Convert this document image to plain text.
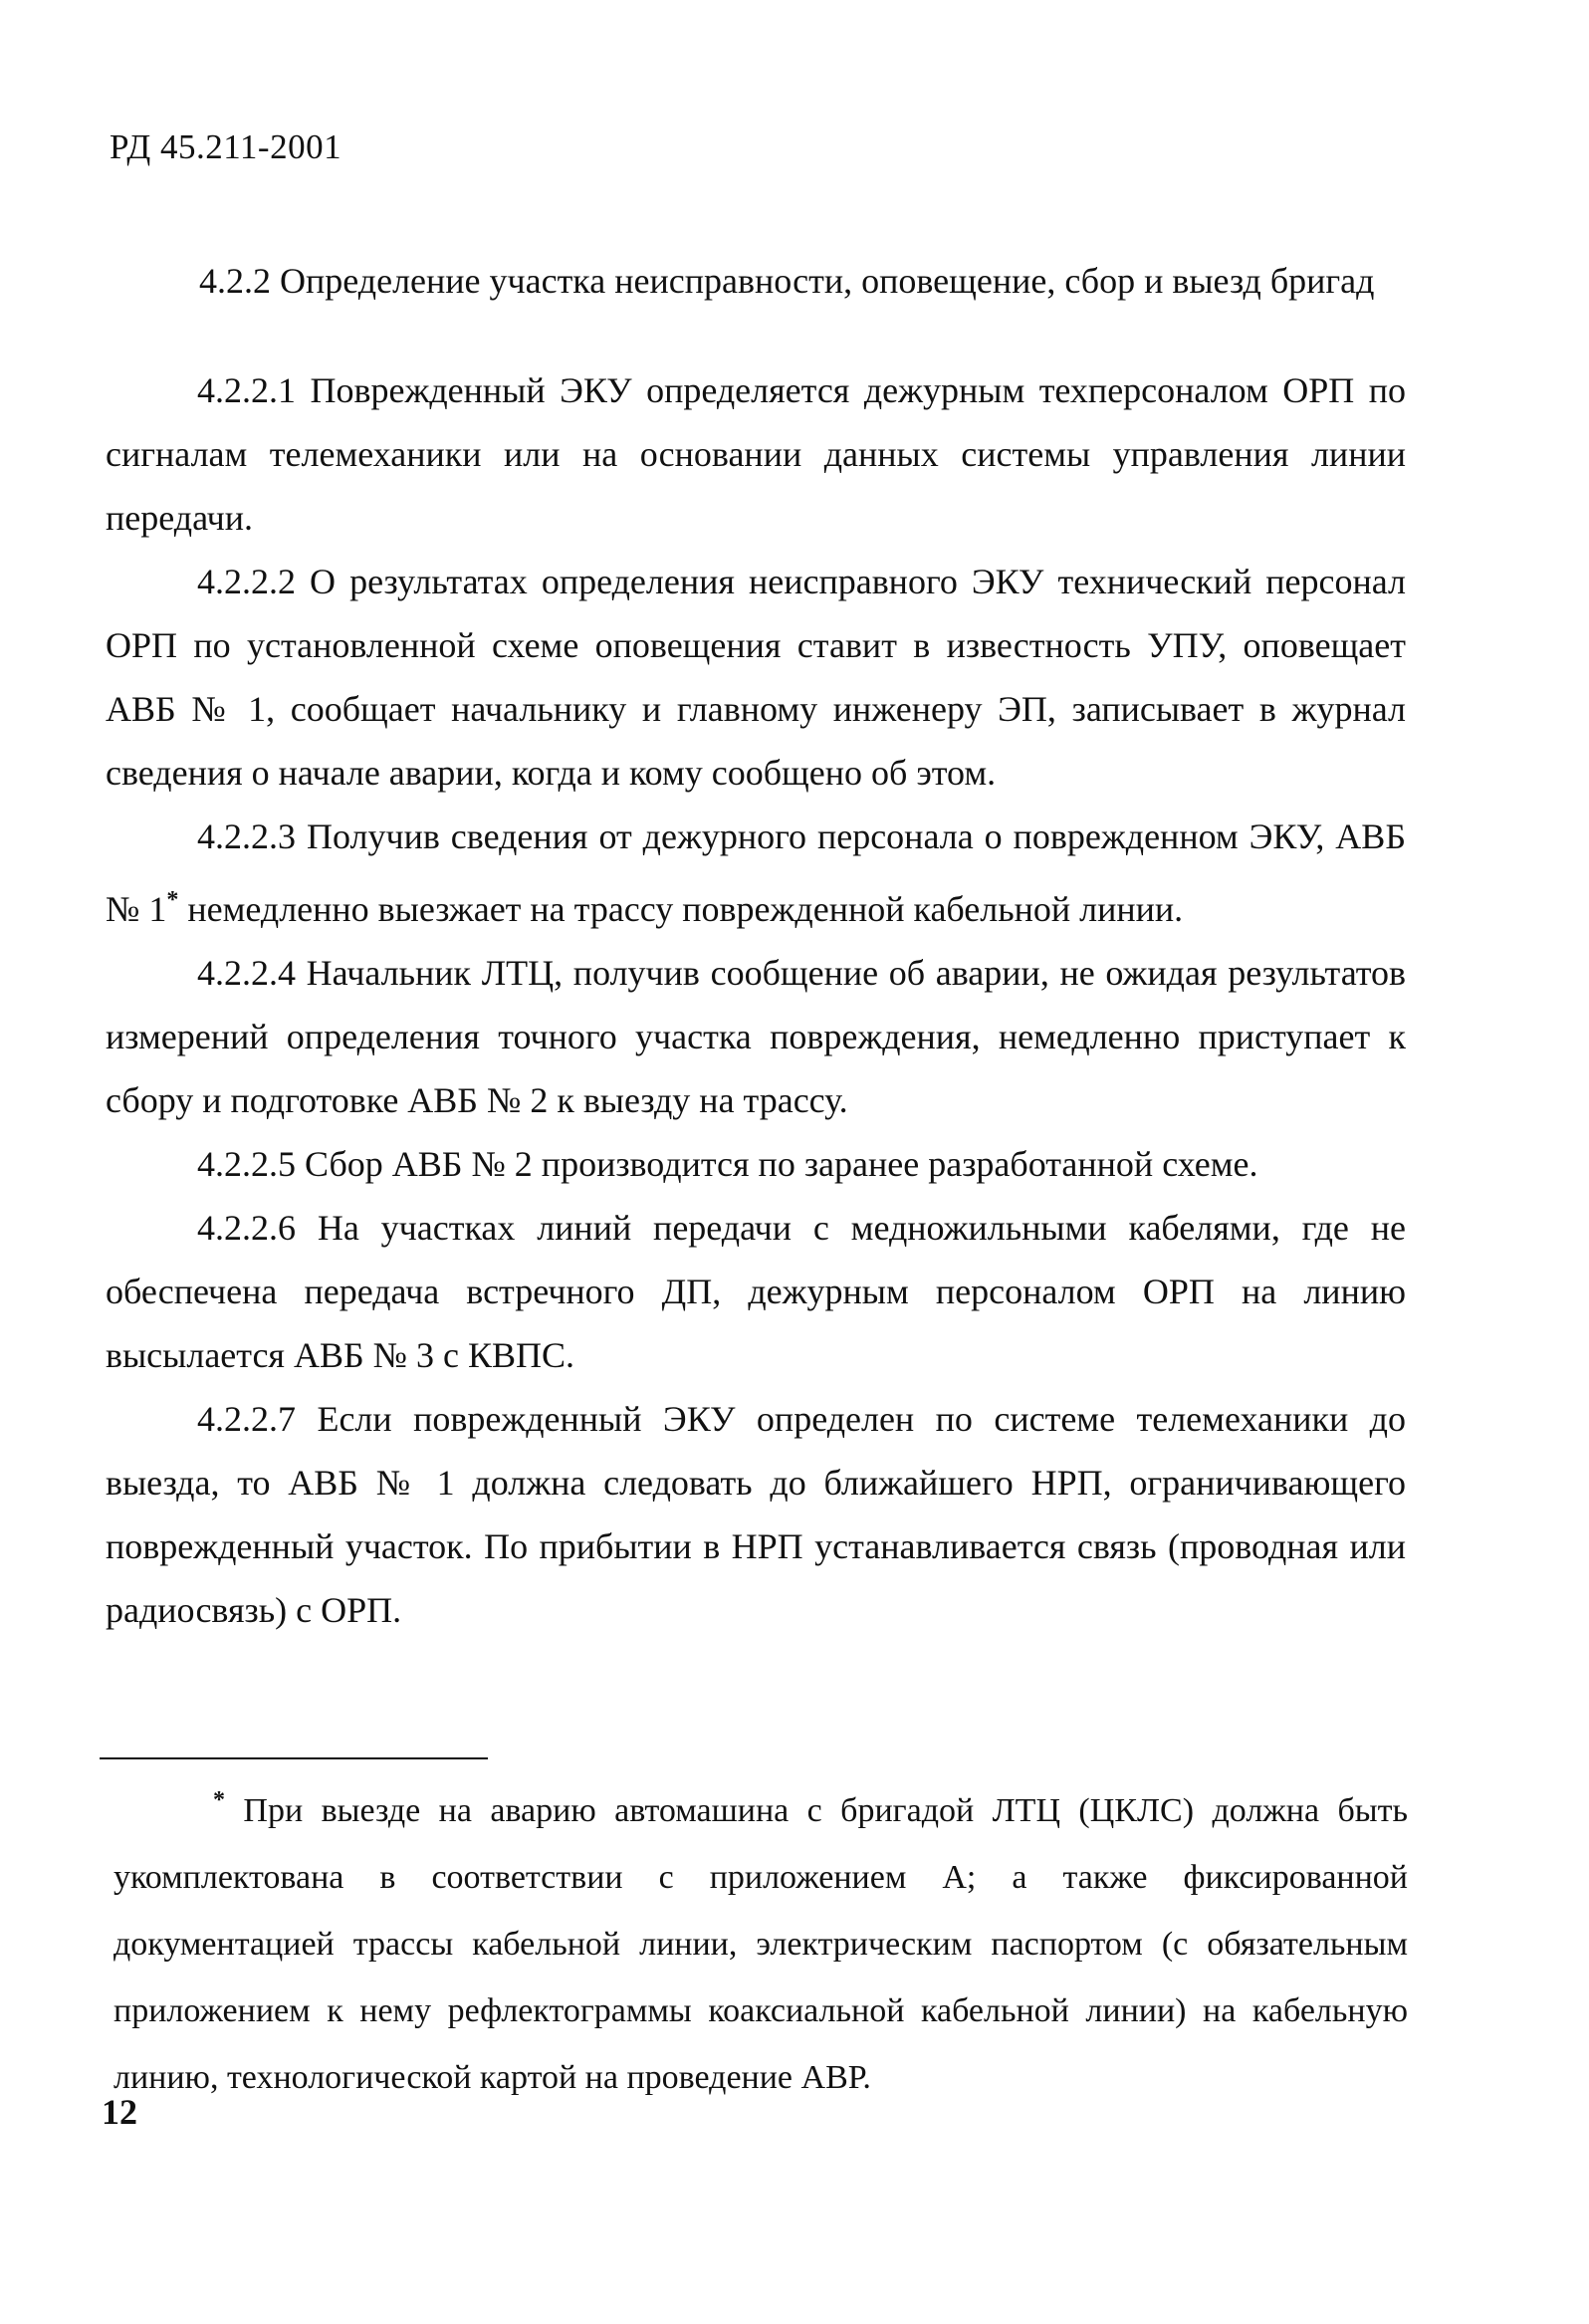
РД 45.211-2001
4.2.2 Определение участка неисправности, оповещение, сбор и выезд бригад

4.2.2.1 Поврежденный ЭКУ определяется дежурным техперсоналом ОРП по сигналам телемеханики или на основании данных системы управления линии передачи.

4.2.2.2 О результатах определения неисправного ЭКУ технический персонал ОРП по установленной схеме оповещения ставит в известность УПУ, оповещает АВБ № 1, сообщает начальнику и главному инженеру ЭП, записывает в журнал сведения о начале аварии, когда и кому сообщено об этом.

4.2.2.3 Получив сведения от дежурного персонала о поврежденном ЭКУ, АВБ № 1* немедленно выезжает на трассу поврежденной кабельной линии.

4.2.2.4 Начальник ЛТЦ, получив сообщение об аварии, не ожидая результатов измерений определения точного участка повреждения, немедленно приступает к сбору и подготовке АВБ № 2 к выезду на трассу.

4.2.2.5 Сбор АВБ № 2 производится по заранее разработанной схеме.

4.2.2.6 На участках линий передачи с медножильными кабелями, где не обеспечена передача встречного ДП, дежурным персоналом ОРП на линию высылается АВБ № 3 с КВПС.

4.2.2.7 Если поврежденный ЭКУ определен по системе телемеханики до выезда, то АВБ № 1 должна следовать до ближайшего НРП, ограничивающего поврежденный участок. По прибытии в НРП устанавливается связь (проводная или радиосвязь) с ОРП.

* При выезде на аварию автомашина с бригадой ЛТЦ (ЦКЛС) должна быть укомплектована в соответствии с приложением А; а также фиксированной документацией трассы кабельной линии, электрическим паспортом (с обязательным приложением к нему рефлектограммы коаксиальной кабельной линии) на кабельную линию, технологической картой на проведение АВР.

12
